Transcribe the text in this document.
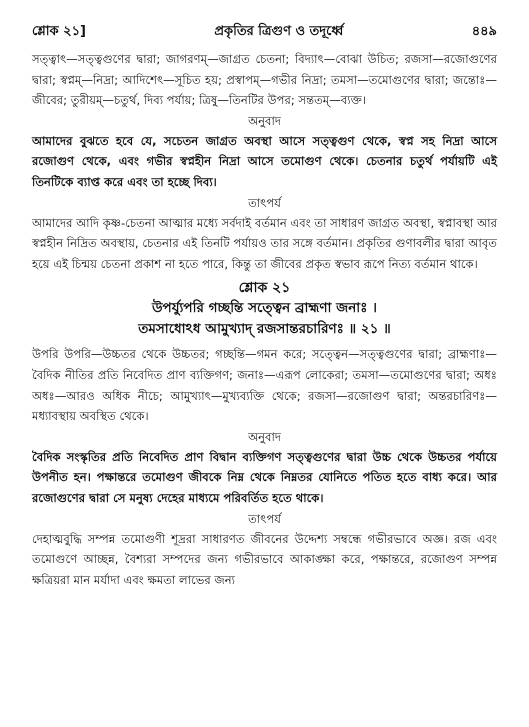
শ্লোক ২১]	প্রকৃতির ত্রিগুণ ও তদূর্ধ্বে	৪৪৯

সত্ত্বাৎ—সত্ত্বগুণের দ্বারা; জাগরণম্—জাগ্রত চেতনা; বিদ্যাৎ—বোঝা উচিত; রজসা—রজোগুণের দ্বারা; স্বপ্নম্—নিদ্রা; আদিশেৎ—সূচিত হয়; প্রস্বাপম্—গভীর নিদ্রা; তমসা—তমোগুণের দ্বারা; জন্তোঃ—জীবের; তুরীয়ম্—চতুর্থ, দিব্য পর্যায়; ত্রিষু—তিনটির উপর; সন্ততম্—ব্যক্ত।

অনুবাদ

আমাদের বুঝতে হবে যে, সচেতন জাগ্রত অবস্থা আসে সত্ত্বগুণ থেকে, স্বপ্ন সহ নিদ্রা আসে রজোগুণ থেকে, এবং গভীর স্বপ্নহীন নিদ্রা আসে তমোগুণ থেকে। চেতনার চতুর্থ পর্যায়টি এই তিনটিকে ব্যাপ্ত করে এবং তা হচ্ছে দিব্য।

তাৎপর্য

আমাদের আদি কৃষ্ণ-চেতনা আত্মার মধ্যে সর্বদাই বর্তমান এবং তা সাধারণ জাগ্রত অবস্থা, স্বপ্নাবস্থা আর স্বপ্নহীন নিদ্রিত অবস্থায়, চেতনার এই তিনটি পর্যায়ও তার সঙ্গে বর্তমান। প্রকৃতির গুণাবলীর দ্বারা আবৃত হয়ে এই চিন্ময় চেতনা প্রকাশ না হতে পারে, কিন্তু তা জীবের প্রকৃত স্বভাব রূপে নিত্য বর্তমান থাকে।

শ্লোক ২১

উপর্য্যুপরি গচ্ছন্তি সত্ত্বেন ব্রাহ্মণা জনাঃ ।

তমসাধোঽধ আমুখ্যাদ্ রজসান্তরচারিণঃ ॥ ২১ ॥

উপরি উপরি—উচ্চতর থেকে উচ্চতর; গচ্ছন্তি—গমন করে; সত্ত্বেন—সত্ত্বগুণের দ্বারা; ব্রাহ্মণাঃ—বৈদিক নীতির প্রতি নিবেদিত প্রাণ ব্যক্তিগণ; জনাঃ—এরূপ লোকেরা; তমসা—তমোগুণের দ্বারা; অধঃ অধঃ—আরও অধিক নীচে; আমুখ্যাৎ—মুখ্যব্যক্তি থেকে; রজসা—রজোগুণ দ্বারা; অন্তরচারিণঃ—মধ্যাবস্থায় অবস্থিত থেকে।

অনুবাদ

বৈদিক সংস্কৃতির প্রতি নিবেদিত প্রাণ বিদ্বান ব্যক্তিগণ সত্ত্বগুণের দ্বারা উচ্চ থেকে উচ্চতর পর্যায়ে উপনীত হন। পক্ষান্তরে তমোগুণ জীবকে নিম্ন থেকে নিম্নতর যোনিতে পতিত হতে বাধ্য করে। আর রজোগুণের দ্বারা সে মনুষ্য দেহের মাধ্যমে পরিবর্তিত হতে থাকে।

তাৎপর্য

দেহাত্মবুদ্ধি সম্পন্ন তমোগুণী শূদ্ররা সাধারণত জীবনের উদ্দেশ্য সম্বন্ধে গভীরভাবে অজ্ঞ। রজ এবং তমোগুণে আচ্ছন্ন, বৈশ্যরা সম্পদের জন্য গভীরভাবে আকাঙ্ক্ষা করে, পক্ষান্তরে, রজোগুণ সম্পন্ন ক্ষত্রিয়রা মান মর্যাদা এবং ক্ষমতা লাভের জন্য
